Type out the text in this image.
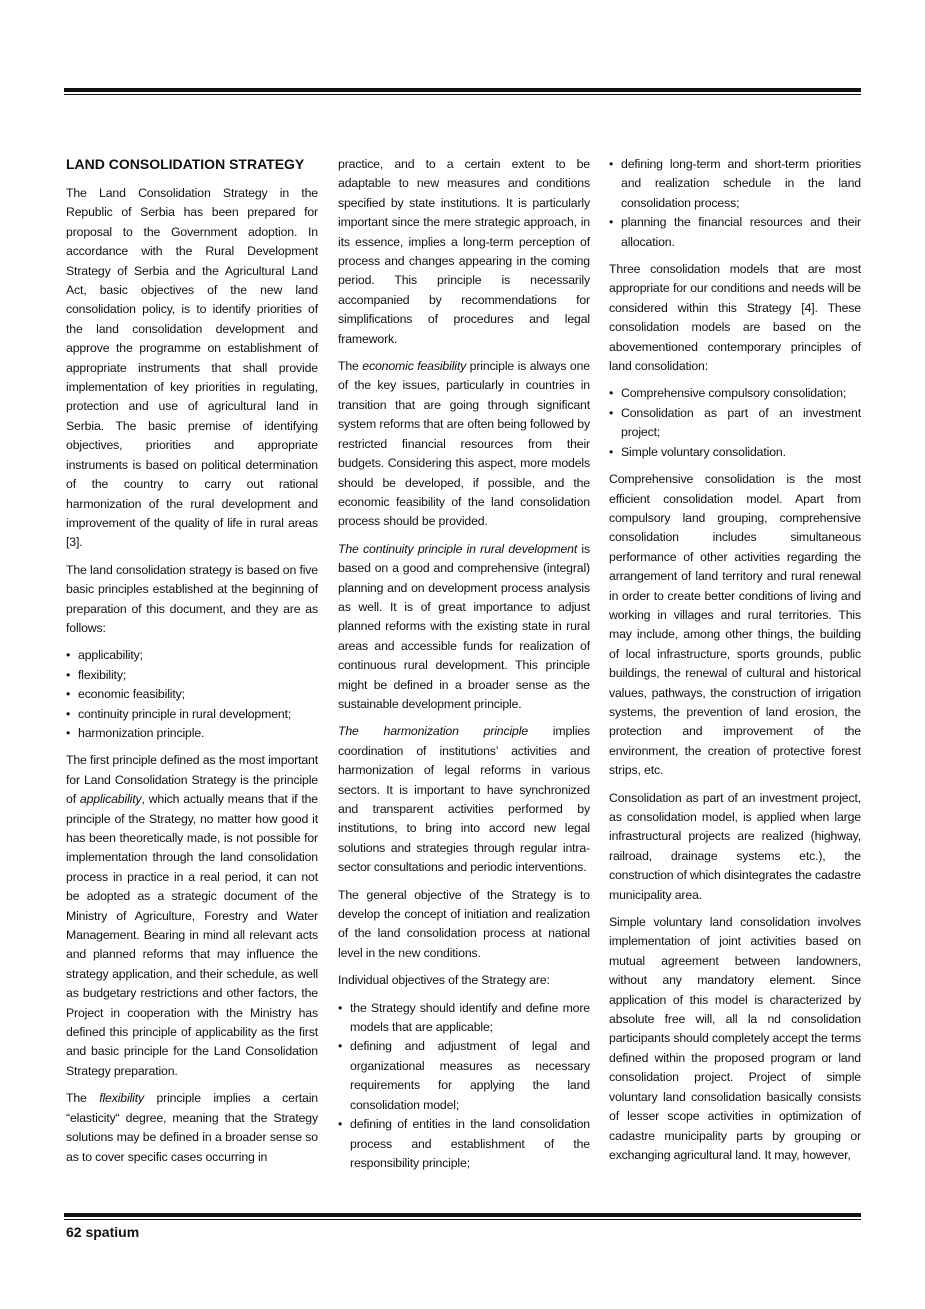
LAND CONSOLIDATION STRATEGY

The Land Consolidation Strategy in the Republic of Serbia has been prepared for proposal to the Government adoption. In accordance with the Rural Development Strategy of Serbia and the Agricultural Land Act, basic objectives of the new land consolidation policy, is to identify priorities of the land consolidation development and approve the programme on establishment of appropriate instruments that shall provide implementation of key priorities in regulating, protection and use of agricultural land in Serbia. The basic premise of identifying objectives, priorities and appropriate instruments is based on political determination of the country to carry out rational harmonization of the rural development and improvement of the quality of life in rural areas [3].

The land consolidation strategy is based on five basic principles established at the beginning of preparation of this document, and they are as follows:

• applicability;
• flexibility;
• economic feasibility;
• continuity principle in rural development;
• harmonization principle.

The first principle defined as the most important for Land Consolidation Strategy is the principle of applicability, which actually means that if the principle of the Strategy, no matter how good it has been theoretically made, is not possible for implementation through the land consolidation process in practice in a real period, it can not be adopted as a strategic document of the Ministry of Agriculture, Forestry and Water Management. Bearing in mind all relevant acts and planned reforms that may influence the strategy application, and their schedule, as well as budgetary restrictions and other factors, the Project in cooperation with the Ministry has defined this principle of applicability as the first and basic principle for the Land Consolidation Strategy preparation.

The flexibility principle implies a certain “elasticity“ degree, meaning that the Strategy solutions may be defined in a broader sense so as to cover specific cases occurring in

practice, and to a certain extent to be adaptable to new measures and conditions specified by state institutions. It is particularly important since the mere strategic approach, in its essence, implies a long-term perception of process and changes appearing in the coming period. This principle is necessarily accompanied by recommendations for simplifications of procedures and legal framework.

The economic feasibility principle is always one of the key issues, particularly in countries in transition that are going through significant system reforms that are often being followed by restricted financial resources from their budgets. Considering this aspect, more models should be developed, if possible, and the economic feasibility of the land consolidation process should be provided.

The continuity principle in rural development is based on a good and comprehensive (integral) planning and on development process analysis as well. It is of great importance to adjust planned reforms with the existing state in rural areas and accessible funds for realization of continuous rural development. This principle might be defined in a broader sense as the sustainable development principle.

The harmonization principle implies coordination of institutions’ activities and harmonization of legal reforms in various sectors. It is important to have synchronized and transparent activities performed by institutions, to bring into accord new legal solutions and strategies through regular intra-sector consultations and periodic interventions.

The general objective of the Strategy is to develop the concept of initiation and realization of the land consolidation process at national level in the new conditions.

Individual objectives of the Strategy are:

• the Strategy should identify and define more models that are applicable;
• defining and adjustment of legal and organizational measures as necessary requirements for applying the land consolidation model;
• defining of entities in the land consolidation process and establishment of the responsibility principle;
• defining long-term and short-term priorities and realization schedule in the land consolidation process;
• planning the financial resources and their allocation.

Three consolidation models that are most appropriate for our conditions and needs will be considered within this Strategy [4]. These consolidation models are based on the abovementioned contemporary principles of land consolidation:

• Comprehensive compulsory consolidation;
• Consolidation as part of an investment project;
• Simple voluntary consolidation.

Comprehensive consolidation is the most efficient consolidation model. Apart from compulsory land grouping, comprehensive consolidation includes simultaneous performance of other activities regarding the arrangement of land territory and rural renewal in order to create better conditions of living and working in villages and rural territories. This may include, among other things, the building of local infrastructure, sports grounds, public buildings, the renewal of cultural and historical values, pathways, the construction of irrigation systems, the prevention of land erosion, the protection and improvement of the environment, the creation of protective forest strips, etc.

Consolidation as part of an investment project, as consolidation model, is applied when large infrastructural projects are realized (highway, railroad, drainage systems etc.), the construction of which disintegrates the cadastre municipality area.

Simple voluntary land consolidation involves implementation of joint activities based on mutual agreement between landowners, without any mandatory element. Since application of this model is characterized by absolute free will, all la nd consolidation participants should completely accept the terms defined within the proposed program or land consolidation project. Project of simple voluntary land consolidation basically consists of lesser scope activities in optimization of cadastre municipality parts by grouping or exchanging agricultural land. It may, however,

62 spatium
